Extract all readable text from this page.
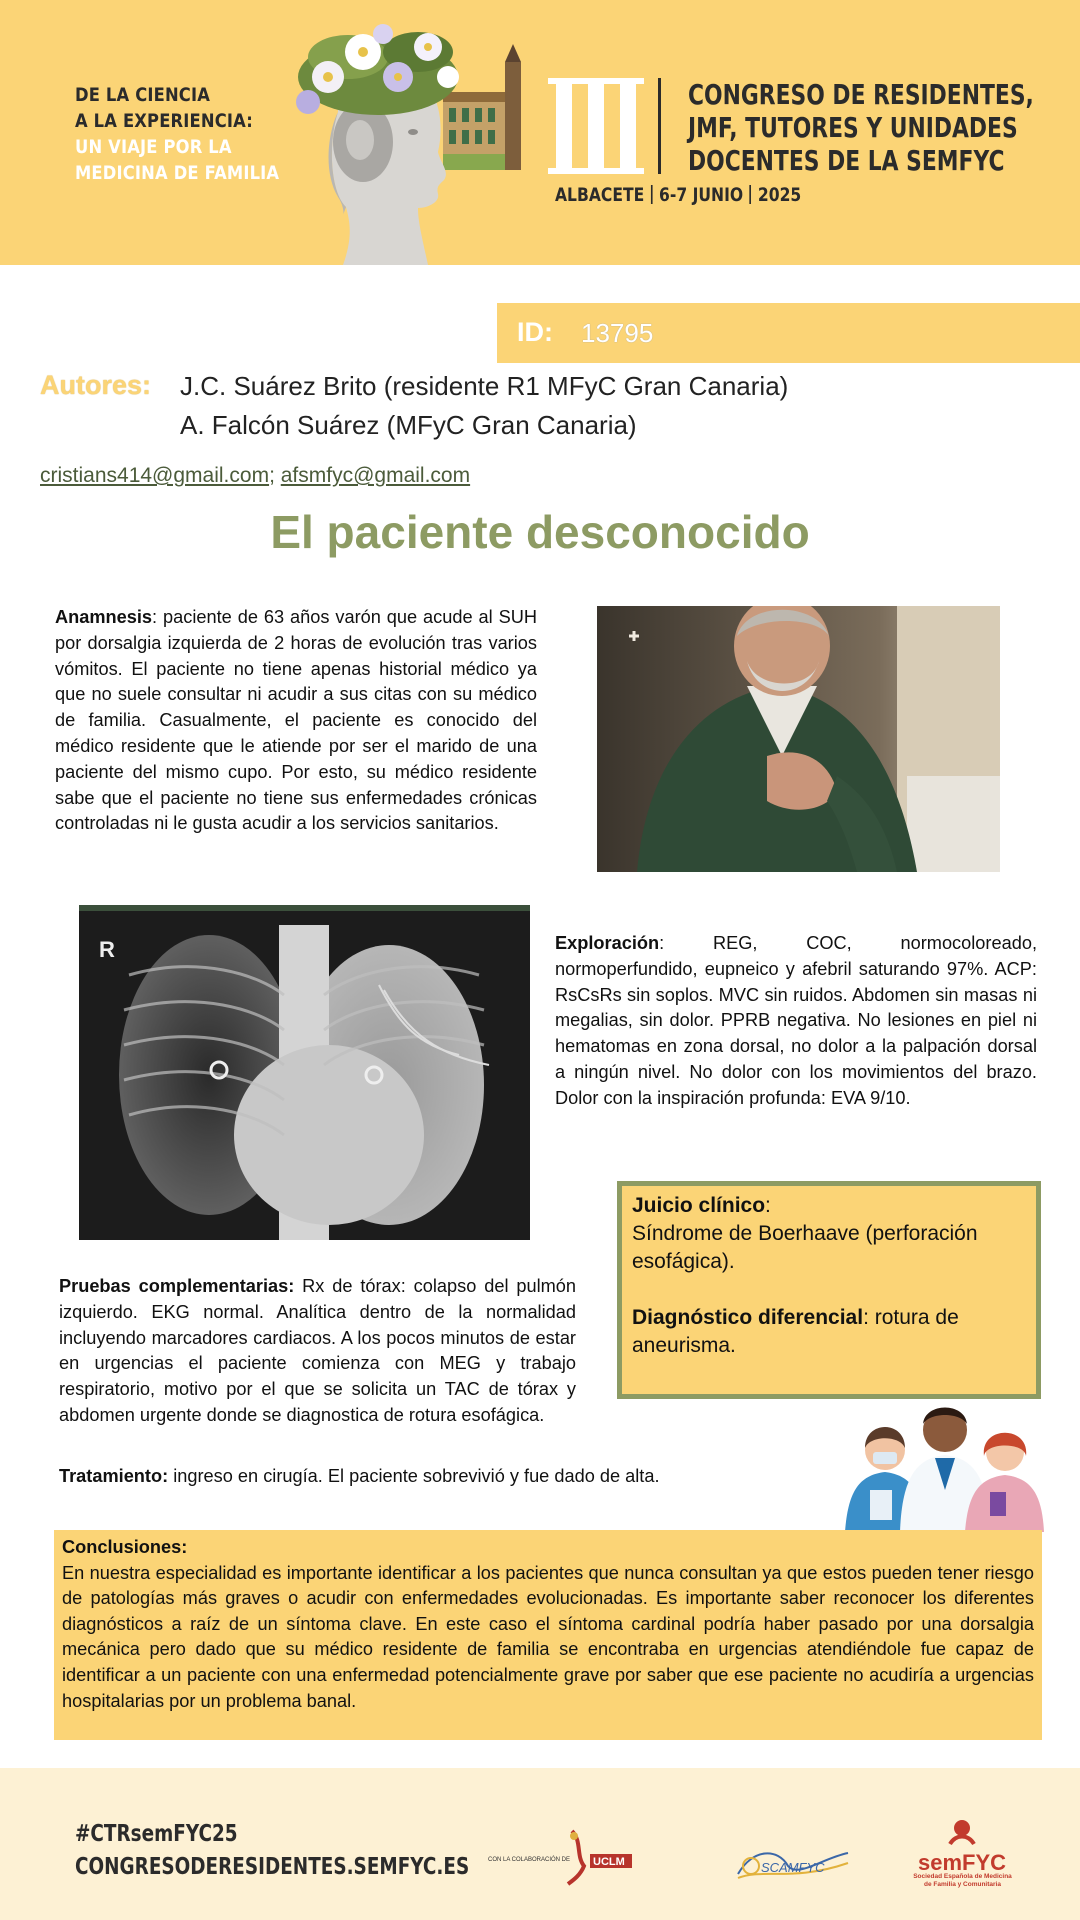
DE LA CIENCIA
A LA EXPERIENCIA:
UN VIAJE POR LA
MEDICINA DE FAMILIA
CONGRESO DE RESIDENTES,
JMF, TUTORES Y UNIDADES
DOCENTES DE LA SEMFYC
ALBACETE 6-7 JUNIO 2025
ID: 13795
Autores: J.C. Suárez Brito (residente R1 MFyC Gran Canaria)
A. Falcón Suárez (MFyC Gran Canaria)
cristians414@gmail.com; afsmfyc@gmail.com
El paciente desconocido
Anamnesis: paciente de 63 años varón que acude al SUH por dorsalgia izquierda de 2 horas de evolución tras varios vómitos. El paciente no tiene apenas historial médico ya que no suele consultar ni acudir a sus citas con su médico de familia. Casualmente, el paciente es conocido del médico residente que le atiende por ser el marido de una paciente del mismo cupo. Por esto, su médico residente sabe que el paciente no tiene sus enfermedades crónicas controladas ni le gusta acudir a los servicios sanitarios.
R	Exploración: REG, COC, normocoloreado, normoperfundido, eupneico y afebril saturando 97%. ACP: RsCsRs sin soplos. MVC sin ruidos. Abdomen sin masas ni megalias, sin dolor. PPRB negativa. No lesiones en piel ni hematomas en zona dorsal, no dolor a la palpación dorsal a ningún nivel. No dolor con los movimientos del brazo. Dolor con la inspiración profunda: EVA 9/10.
Juicio clínico:
Síndrome de Boerhaave (perforación esofágica).
Diagnóstico diferencial: rotura de aneurisma.
Pruebas complementarias: Rx de tórax: colapso del pulmón izquierdo. EKG normal. Analítica dentro de la normalidad incluyendo marcadores cardiacos. A los pocos minutos de estar en urgencias el paciente comienza con MEG y trabajo respiratorio, motivo por el que se solicita un TAC de tórax y abdomen urgente donde se diagnostica de rotura esofágica.
Tratamiento: ingreso en cirugía. El paciente sobrevivió y fue dado de alta.
Conclusiones:
En nuestra especialidad es importante identificar a los pacientes que nunca consultan ya que estos pueden tener riesgo de patologías más graves o acudir con enfermedades evolucionadas. Es importante saber reconocer los diferentes diagnósticos a raíz de un síntoma clave. En este caso el síntoma cardinal podría haber pasado por una dorsalgia mecánica pero dado que su médico residente de familia se encontraba en urgencias atendiéndole fue capaz de identificar a un paciente con una enfermedad potencialmente grave por saber que ese paciente no acudiría a urgencias hospitalarias por un problema banal.
#CTRsemFYC25
CONGRESODERESIDENTES.SEMFYC.ES	CON LA COLABORACIÓN DE UCLM	SCAMFYC	semFYC
Sociedad Española de Medicina de Familia y Comunitaria
